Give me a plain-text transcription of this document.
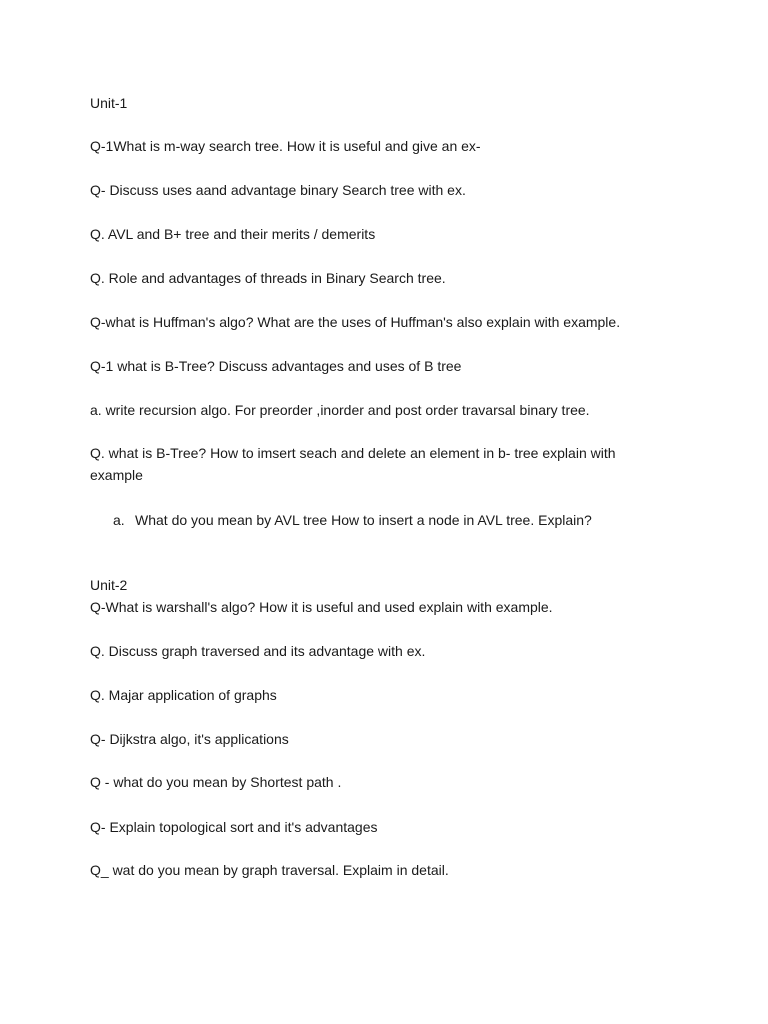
Unit-1
Q-1What is m-way search tree. How it is useful and give an ex-
Q- Discuss uses aand advantage binary Search tree with ex.
Q. AVL and B+ tree and their merits / demerits
Q. Role and advantages of threads in Binary Search tree.
Q-what is Huffman's algo? What are the uses of Huffman's also explain with example.
Q-1 what is B-Tree? Discuss advantages and uses of B tree
a. write recursion algo. For preorder ,inorder and post order travarsal binary tree.
Q. what is B-Tree? How to imsert seach and delete an element in b- tree explain with example
a. What do you mean by AVL tree How to insert a node in AVL tree. Explain?
Unit-2
Q-What is warshall's algo? How it is useful and used explain with example.
Q. Discuss graph traversed and its advantage with ex.
Q. Majar application of graphs
Q- Dijkstra algo, it's applications
Q - what do you mean by Shortest path .
Q- Explain topological sort and it's advantages
Q_ wat do you mean by graph traversal. Explaim in detail.
